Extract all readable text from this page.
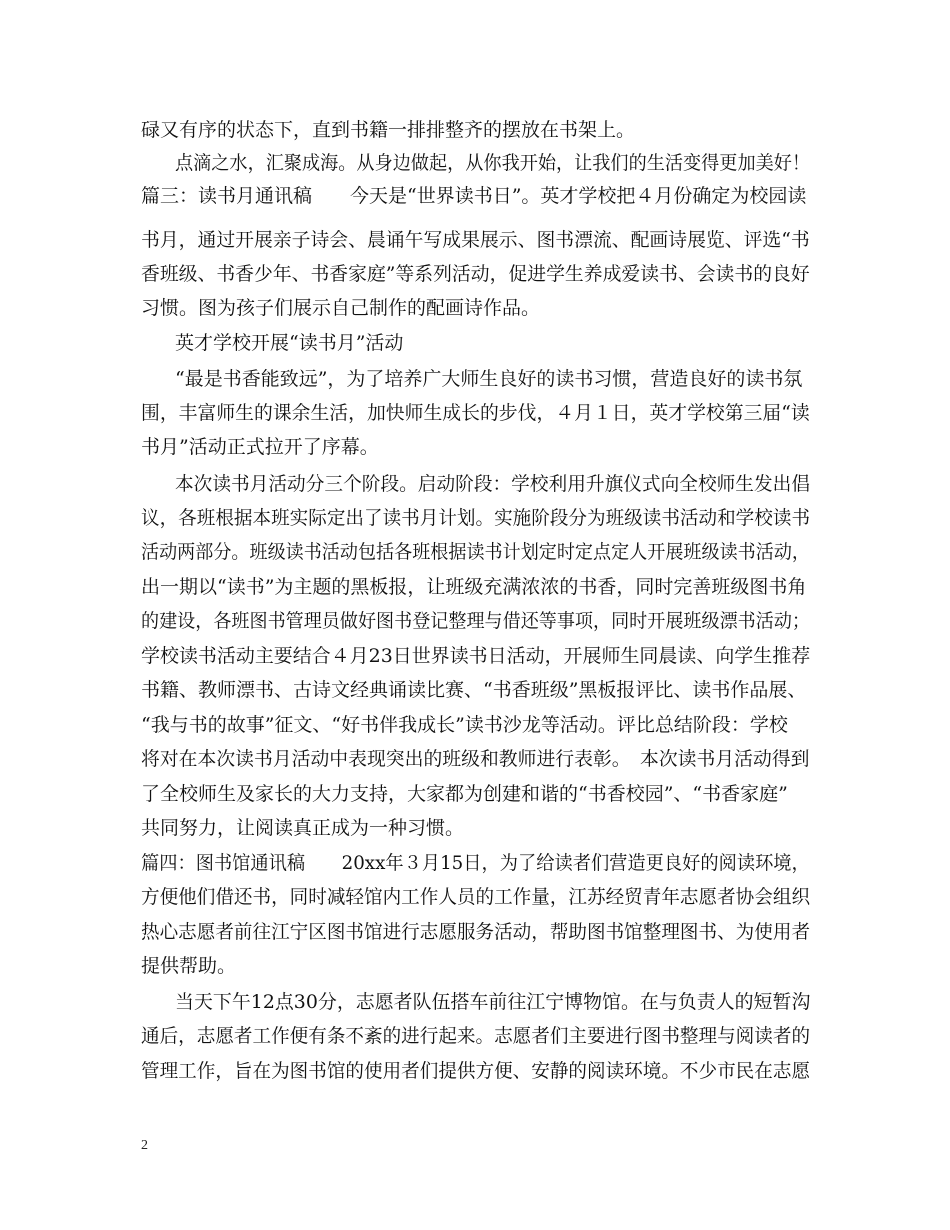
碌又有序的状态下，直到书籍一排排整齐的摆放在书架上。
点滴之水，汇聚成海。从身边做起，从你我开始，让我们的生活变得更加美好！
篇三：读书月通讯稿　　今天是“世界读书日”。英才学校把４月份确定为校园读
书月，通过开展亲子诗会、晨诵午写成果展示、图书漂流、配画诗展览、评选“书
香班级、书香少年、书香家庭”等系列活动，促进学生养成爱读书、会读书的良好
习惯。图为孩子们展示自己制作的配画诗作品。
英才学校开展“读书月”活动
“最是书香能致远”，为了培养广大师生良好的读书习惯，营造良好的读书氛
围，丰富师生的课余生活，加快师生成长的步伐，４月１日，英才学校第三届“读
书月”活动正式拉开了序幕。
本次读书月活动分三个阶段。启动阶段：学校利用升旗仪式向全校师生发出倡
议，各班根据本班实际定出了读书月计划。实施阶段分为班级读书活动和学校读书
活动两部分。班级读书活动包括各班根据读书计划定时定点定人开展班级读书活动，
出一期以“读书”为主题的黑板报，让班级充满浓浓的书香，同时完善班级图书角
的建设，各班图书管理员做好图书登记整理与借还等事项，同时开展班级漂书活动；
学校读书活动主要结合４月23日世界读书日活动，开展师生同晨读、向学生推荐
书籍、教师漂书、古诗文经典诵读比赛、“书香班级”黑板报评比、读书作品展、
“我与书的故事”征文、“好书伴我成长”读书沙龙等活动。评比总结阶段：学校
将对在本次读书月活动中表现突出的班级和教师进行表彰。　本次读书月活动得到
了全校师生及家长的大力支持，大家都为创建和谐的“书香校园”、“书香家庭”
共同努力，让阅读真正成为一种习惯。
篇四：图书馆通讯稿　　20xx年３月15日，为了给读者们营造更良好的阅读环境，
方便他们借还书，同时减轻馆内工作人员的工作量，江苏经贸青年志愿者协会组织
热心志愿者前往江宁区图书馆进行志愿服务活动，帮助图书馆整理图书、为使用者
提供帮助。
当天下午12点30分，志愿者队伍搭车前往江宁博物馆。在与负责人的短暂沟
通后，志愿者工作便有条不紊的进行起来。志愿者们主要进行图书整理与阅读者的
管理工作，旨在为图书馆的使用者们提供方便、安静的阅读环境。不少市民在志愿
2
